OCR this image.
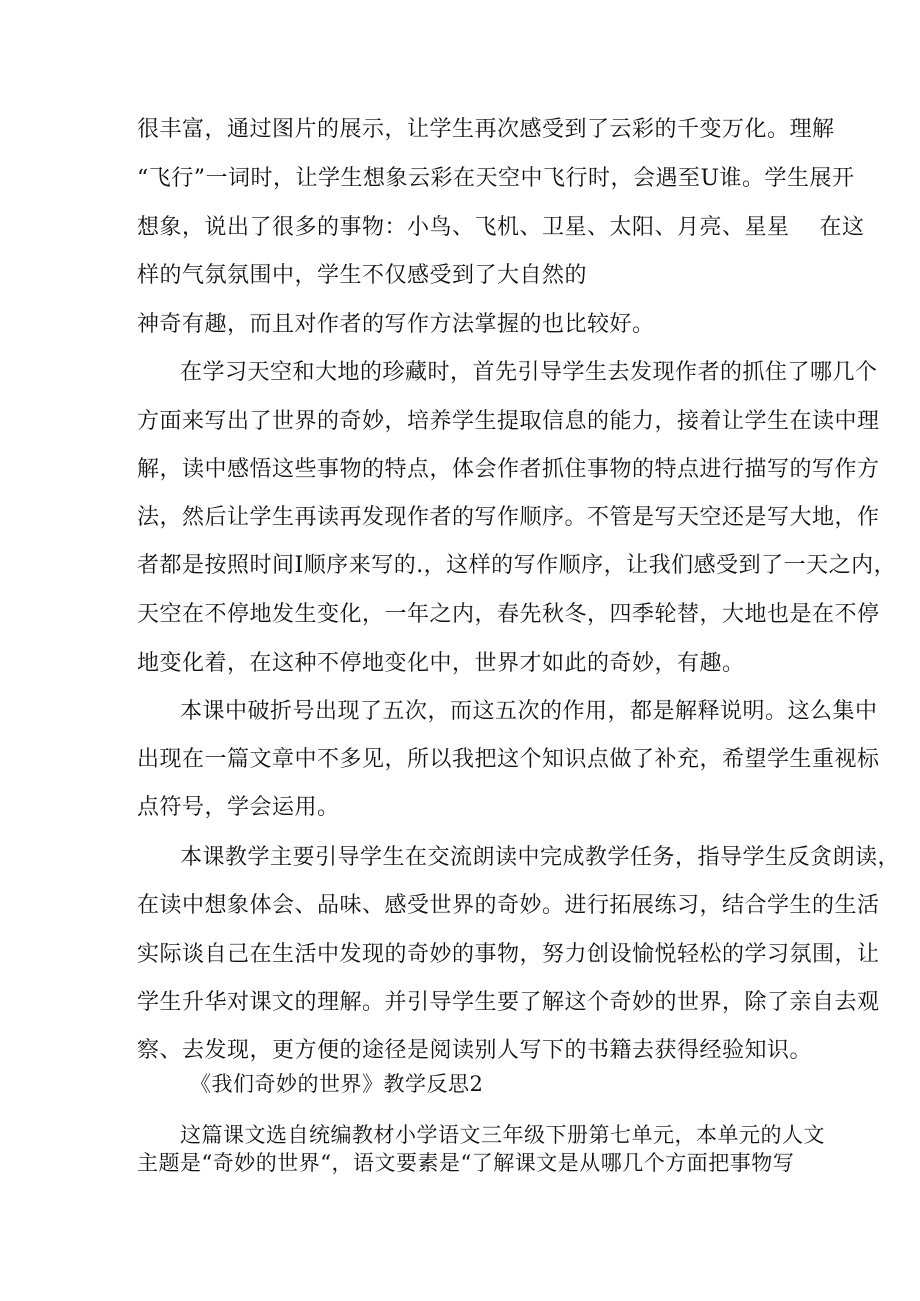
很丰富，通过图片的展示，让学生再次感受到了云彩的千变万化。理解
“飞行”一词时，让学生想象云彩在天空中飞行时，会遇至U谁。学生展开
想象，说出了很多的事物：小鸟、飞机、卫星、太阳、月亮、星星　 在这
样的气氛氛围中，学生不仅感受到了大自然的
神奇有趣，而且对作者的写作方法掌握的也比较好。
在学习天空和大地的珍藏时，首先引导学生去发现作者的抓住了哪几个
方面来写出了世界的奇妙，培养学生提取信息的能力，接着让学生在读中理
解，读中感悟这些事物的特点，体会作者抓住事物的特点进行描写的写作方
法，然后让学生再读再发现作者的写作顺序。不管是写天空还是写大地，作
者都是按照时间I顺序来写的.，这样的写作顺序，让我们感受到了一天之内，
天空在不停地发生变化，一年之内，春先秋冬，四季轮替，大地也是在不停
地变化着，在这种不停地变化中，世界才如此的奇妙，有趣。
本课中破折号出现了五次，而这五次的作用，都是解释说明。这么集中
出现在一篇文章中不多见，所以我把这个知识点做了补充，希望学生重视标
点符号，学会运用。
本课教学主要引导学生在交流朗读中完成教学任务，指导学生反贪朗读，
在读中想象体会、品味、感受世界的奇妙。进行拓展练习，结合学生的生活
实际谈自己在生活中发现的奇妙的事物，努力创设愉悦轻松的学习氛围，让
学生升华对课文的理解。并引导学生要了解这个奇妙的世界，除了亲自去观
察、去发现，更方便的途径是阅读别人写下的书籍去获得经验知识。
《我们奇妙的世界》教学反思2
这篇课文选自统编教材小学语文三年级下册第七单元，本单元的人文
主题是“奇妙的世界“，语文要素是“了解课文是从哪几个方面把事物写
